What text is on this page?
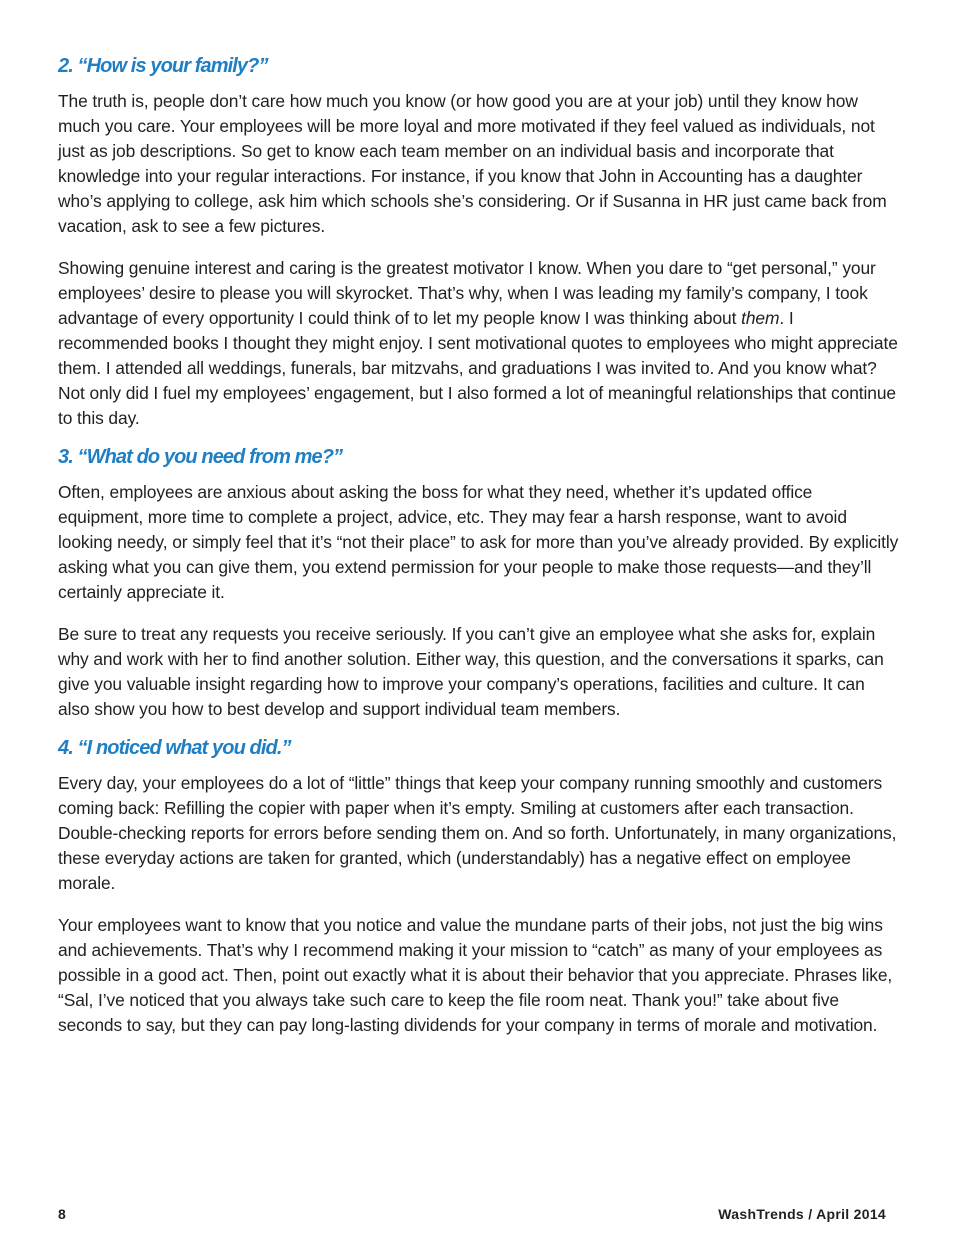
2. “How is your family?”

The truth is, people don’t care how much you know (or how good you are at your job) until they know how much you care. Your employees will be more loyal and more motivated if they feel valued as individuals, not just as job descriptions. So get to know each team member on an individual basis and incorporate that knowledge into your regular interactions. For instance, if you know that John in Accounting has a daughter who’s applying to college, ask him which schools she’s considering. Or if Susanna in HR just came back from vacation, ask to see a few pictures.

Showing genuine interest and caring is the greatest motivator I know. When you dare to “get personal,” your employees’ desire to please you will skyrocket. That’s why, when I was leading my family’s company, I took advantage of every opportunity I could think of to let my people know I was thinking about them. I recommended books I thought they might enjoy. I sent motivational quotes to employees who might appreciate them. I attended all weddings, funerals, bar mitzvahs, and graduations I was invited to. And you know what? Not only did I fuel my employees’ engagement, but I also formed a lot of meaningful relationships that continue to this day.

3. “What do you need from me?”

Often, employees are anxious about asking the boss for what they need, whether it’s updated office equipment, more time to complete a project, advice, etc. They may fear a harsh response, want to avoid looking needy, or simply feel that it’s “not their place” to ask for more than you’ve already provided. By explicitly asking what you can give them, you extend permission for your people to make those requests—and they’ll certainly appreciate it.

Be sure to treat any requests you receive seriously. If you can’t give an employee what she asks for, explain why and work with her to find another solution. Either way, this question, and the conversations it sparks, can give you valuable insight regarding how to improve your company’s operations, facilities and culture. It can also show you how to best develop and support individual team members.

4. “I noticed what you did.”

Every day, your employees do a lot of “little” things that keep your company running smoothly and customers coming back: Refilling the copier with paper when it’s empty. Smiling at customers after each transaction. Double-checking reports for errors before sending them on. And so forth. Unfortunately, in many organizations, these everyday actions are taken for granted, which (understandably) has a negative effect on employee morale.

Your employees want to know that you notice and value the mundane parts of their jobs, not just the big wins and achievements. That’s why I recommend making it your mission to “catch” as many of your employees as possible in a good act. Then, point out exactly what it is about their behavior that you appreciate. Phrases like, “Sal, I’ve noticed that you always take such care to keep the file room neat. Thank you!” take about five seconds to say, but they can pay long-lasting dividends for your company in terms of morale and motivation.

8	WashTrends / April 2014
